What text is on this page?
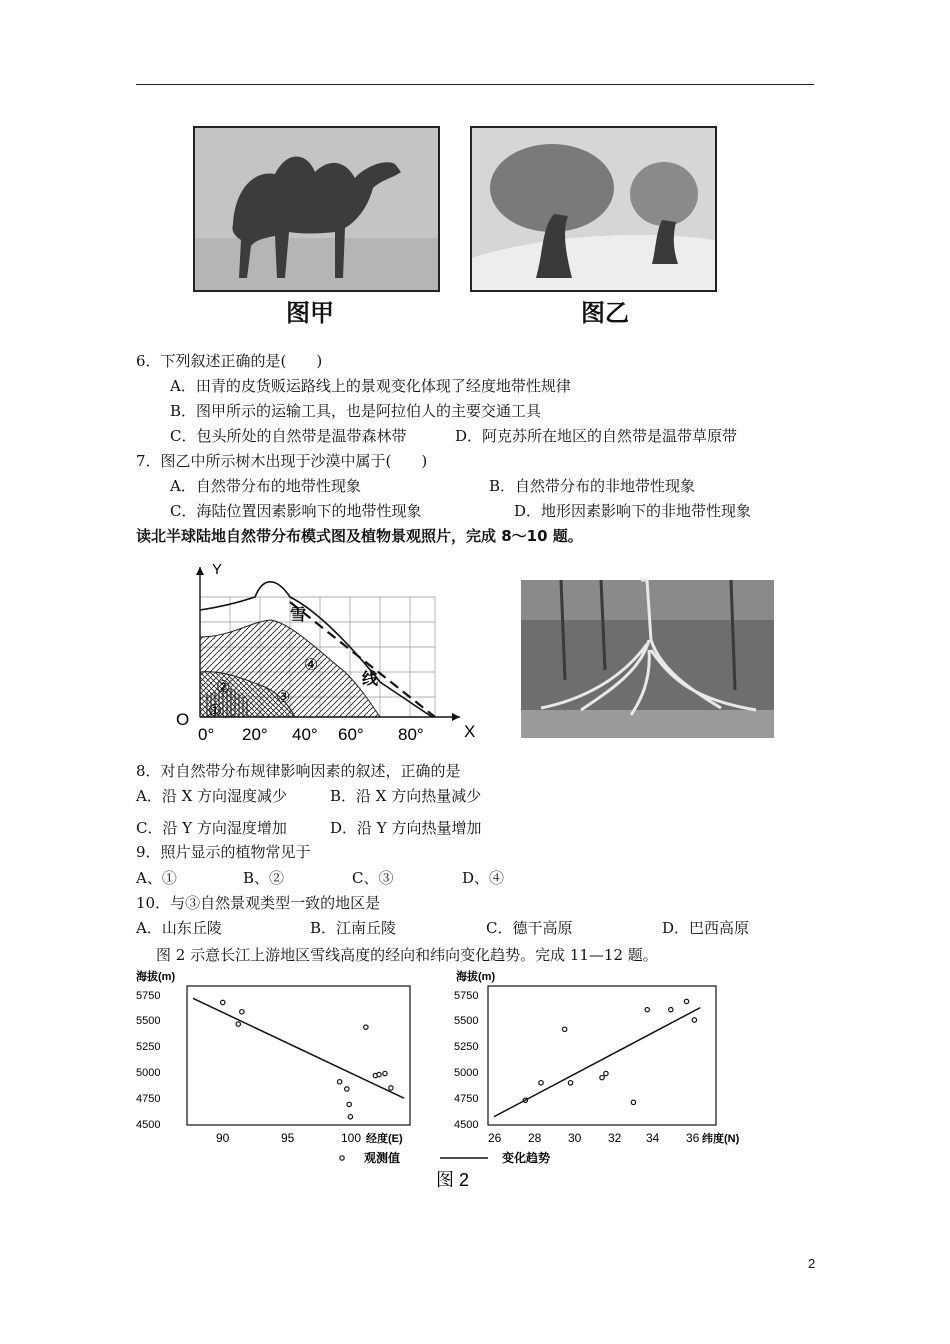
图甲	图乙
6．下列叙述正确的是(　　)
A．田青的皮货贩运路线上的景观变化体现了经度地带性规律
B．图甲所示的运输工具，也是阿拉伯人的主要交通工具
C．包头所处的自然带是温带森林带	D．阿克苏所在地区的自然带是温带草原带
7．图乙中所示树木出现于沙漠中属于(　　)
A．自然带分布的地带性现象	B．自然带分布的非地带性现象
C．海陆位置因素影响下的地带性现象	D．地形因素影响下的非地带性现象
读北半球陆地自然带分布模式图及植物景观照片，完成 8～10 题。
Y
X
O
0° 20° 40° 60° 80°
雪
线
①
②
③
④
8．对自然带分布规律影响因素的叙述，正确的是
A．沿 X 方向湿度减少	B．沿 X 方向热量减少
C．沿 Y 方向湿度增加	D．沿 Y 方向热量增加
9．照片显示的植物常见于
A、①	B、②	C、③	D、④
10．与③自然景观类型一致的地区是
A．山东丘陵	B．江南丘陵	C．德干高原	D．巴西高原
图 2 示意长江上游地区雪线高度的经向和纬向变化趋势。完成 11—12 题。
海拔(m)
5750
5500
5250
5000
4750
4500
90	95	100 经度(E)
海拔(m)
5750
5500
5250
5000
4750
4500
26 28 30 32 34 36 纬度(N)
观测值	变化趋势
图 2
2
